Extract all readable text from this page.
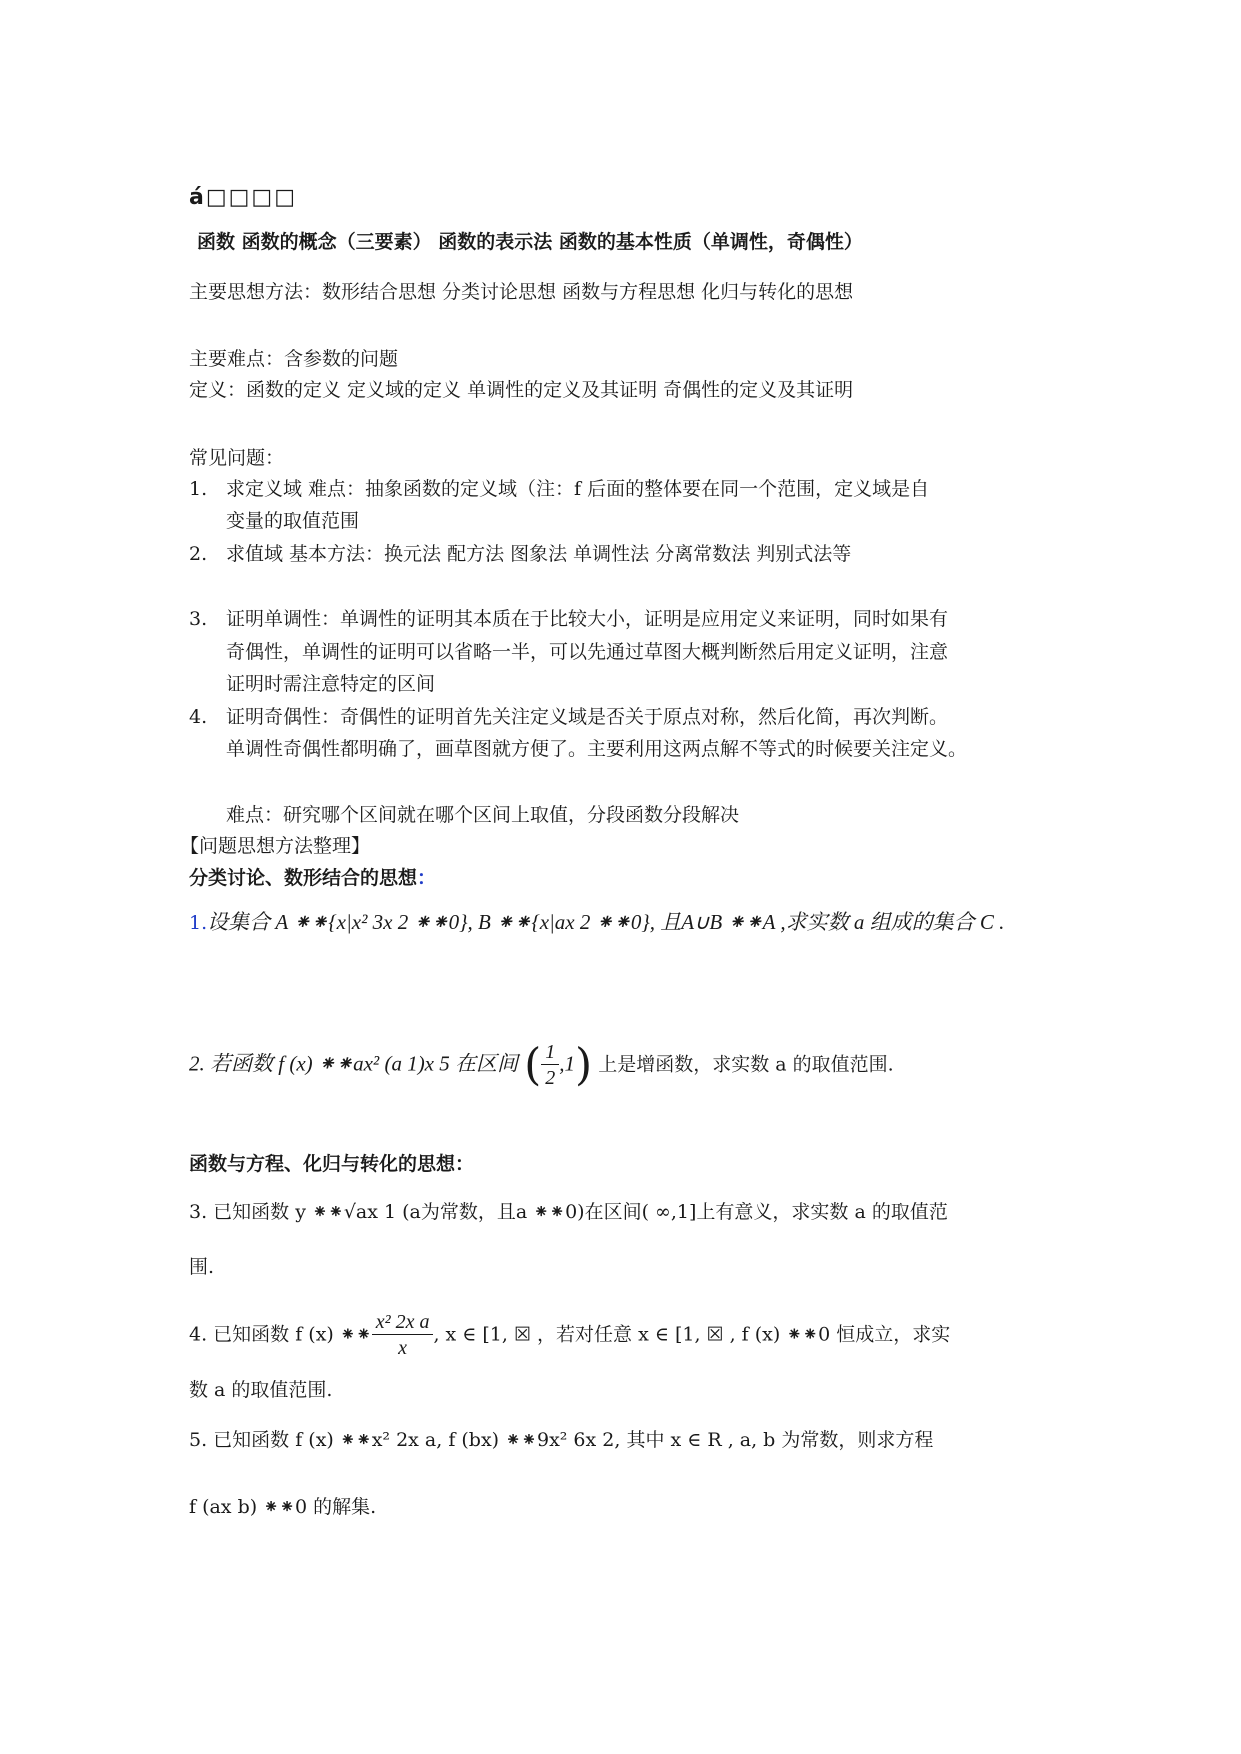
á□□□□
函数 函数的概念（三要素） 函数的表示法 函数的基本性质（单调性，奇偶性）
主要思想方法：数形结合思想 分类讨论思想 函数与方程思想 化归与转化的思想
主要难点：含参数的问题
定义：函数的定义 定义域的定义 单调性的定义及其证明 奇偶性的定义及其证明
常见问题：
1. 求定义域 难点：抽象函数的定义域（注：f 后面的整体要在同一个范围，定义域是自
变量的取值范围
2. 求值域 基本方法：换元法 配方法 图象法 单调性法 分离常数法 判别式法等
3. 证明单调性：单调性的证明其本质在于比较大小，证明是应用定义来证明，同时如果有
奇偶性，单调性的证明可以省略一半，可以先通过草图大概判断然后用定义证明，注意
证明时需注意特定的区间
4. 证明奇偶性：奇偶性的证明首先关注定义域是否关于原点对称，然后化简，再次判断。
单调性奇偶性都明确了，画草图就方便了。主要利用这两点解不等式的时候要关注定义。
难点：研究哪个区间就在哪个区间上取值，分段函数分段解决
【问题思想方法整理】
分类讨论、数形结合的思想：
1.设集合 A ⁕⁕{x|x² 3x 2 ⁕⁕0}, B ⁕⁕{x|ax 2 ⁕⁕0}, 且A∪B ⁕⁕A ,求实数 a 组成的集合 C .
2. 若函数 f (x) ⁕⁕ax² (a 1)x 5 在区间 ( $\frac{1}{2} ,1$) 上是增函数，求实数 a 的取值范围.
函数与方程、化归与转化的思想：
3. 已知函数 y ⁕⁕√ax 1 (a为常数，且a ⁕⁕0)在区间( ∞,1]上有意义，求实数 a 的取值范
围.
4. 已知函数 f (x) ⁕⁕ $\frac{\text{x² 2x a}}{x}$ , x ∈ [1, ☒ ，若对任意 x ∈ [1, ☒ , f (x) ⁕⁕0 恒成立，求实
数 a 的取值范围.
5. 已知函数 f (x) ⁕⁕x² 2x a, f (bx) ⁕⁕9x² 6x 2, 其中 x ∈ R , a, b 为常数，则求方程
f (ax b) ⁕⁕0 的解集.
